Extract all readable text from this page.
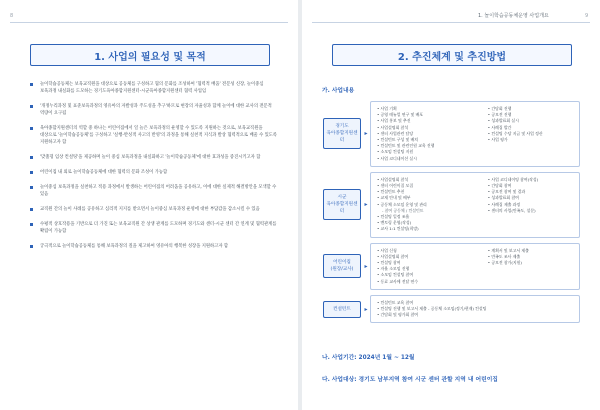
8
1. 사업의 필요성 및 목적

놀이학습공동체는 보육교직원을 대상으로 공동체를 구성하고 협의 문화를 조성하여 '협력적 배움' 전문성 신장, 놀이중심 보육과정 내실화를 도모하는 경기도육아종합지원센터-시군육아종합지원센터 협력 사업임

'개정누리과정 및 표준보육과정의 영유아의 자발성과 주도성을 추구'하므로 현장의 자율성과 함께 놀이에 대한 교사의 전문적 역량이 요구됨

육아종합지원센터의 역할 중 하나는 어린이집에서 일 놀은 보육과정의 운영할 수 있도록 지원하는 것으로, 보육교직원을 대상으로 '놀이학습공동체'를 구성하고 '실행-반성적 사고의 반영'의 과정을 통해 실천적 지식과 발상 협력적으로 배울 수 있도록 지원하고자 함

'맞춤형 임상 컨설팅'을 제공하며 놀이 중심 보육과정을 내실화하고 '놀이학습공동체'에 대한 효과성을 증진시키고자 함

어린이집 내 외로 놀이학습공동체에 대한 협력의 문화 조성이 가능함

놀이중심 보육과정을 실천하고 적용 과정에서 발생하는 어린이집의 어려움을 공유하고, 이에 대한 실제적 해결방안을 모색할 수 있음

교직원 간의 놀이 사례를 공유하고 심리적 지지를 받으면서 놀이중심 보육과정 운영에 대한 부담감을 감소시킬 수 있음

수평적 상호작용을 기반으로 더 가진 또는 보육교직원 간 상생 관계를 도모하며 경기도와 센터-시군 센터 간 연계 및 협력관계를 확립이 가능함

궁극적으로 놀이학습공동체를 통해 보육과정의 질을 제고하여 영유아의 행복한 성장을 지원하고자 함

1. 놀이학습공동체운영 사업개요	9
2. 추진체계 및 추진방법
가. 사업내용
경기도
육아종합지원센터
▸
• 사업 기획
• 공영 매뉴얼 연구 및 배포
• 사업 홍보 및 추진
• 사업설명회 참석
• 센터 사업관련 담당
• 컨설턴트 구성 및 배치
• 컨설턴트 및 관련인원 교육 진행
• 소모임 컨설팅 지원
• 사업 코디네이션 실시
• 간담회 진행
• 공모전 진행
• 성과발표회 실시
• 사례집 발간
• 컨설팅 수당 지급 및 사업 정산
• 사업 평가
시군
육아종합지원센터
▸
• 사업설명회 참석
• 센터 어린이집 모집
• 컨설턴트 추천
• 교재 안내 및 배부
• 공동체 소모임 운영 및 관리
- 참여 공동체 / 컨설턴트
• 컨설팅 일정 조율
• 멘토링 운영(작성)
• 교사 1:1 컨설팅(희망)
• 사업 코디네이팅 참여(작성)
• 간담회 참여
• 공모전 참여 및 결과
• 성과발표회 참여
• 사례집 제출 과정
• 센터의 사업(만족도, 설문)
어린이집
(원장/교사)	▸
• 사업 신청
• 사업설명회 참여
• 컨설팅 참여
• 자율 소모임 진행
• 소모임 컨설팅 참여
• 동료 교사에 전달 연수
• 계획서 및 보고서 제출
• 만족도 조사 제출
• 공모전 참가(지원)
컨설턴트	▸
• 컨설턴트 교육 참여
• 컨설팅 진행 및 보고서 제출 - 공동체 소모임(정기/현재) 컨설팅
• 간담회 및 평가회 참여
나. 사업기간: 2024년 1월 ~ 12월
다. 사업대상: 경기도 남부지역 참여 시군 센터 관할 지역 내 어린이집
